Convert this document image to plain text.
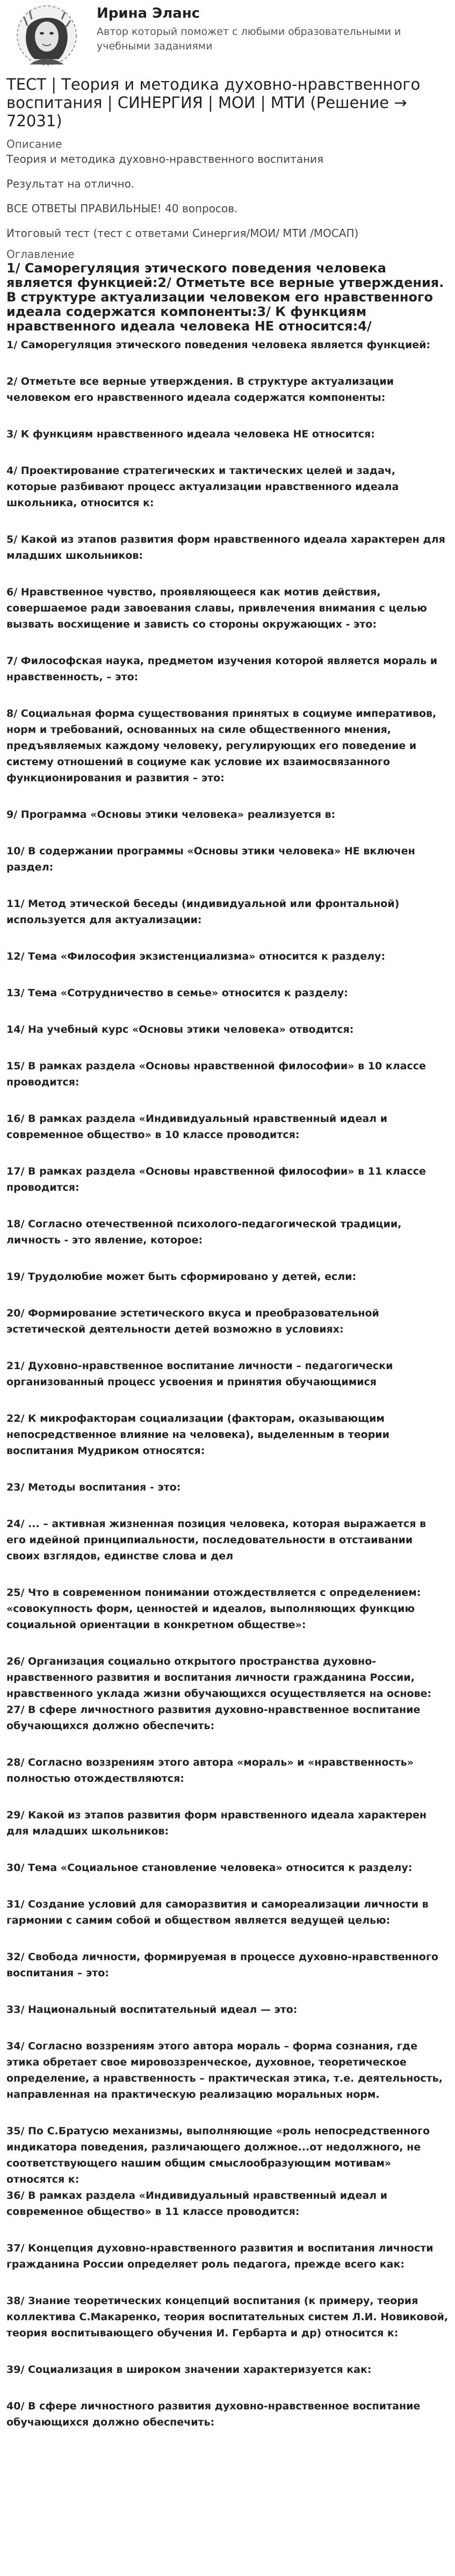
Ирина Эланс
Автор который поможет с любыми образовательными и учебными заданиями
ТЕСТ | Теория и методика духовно-нравственного воспитания | СИНЕРГИЯ | МОИ | МТИ (Решение → 72031)
Описание
Теория и методика духовно-нравственного воспитания
Результат на отлично.
ВСЕ ОТВЕТЫ ПРАВИЛЬНЫЕ! 40 вопросов.
Итоговый тест (тест с ответами Синергия/МОИ/ МТИ /МОСАП)
Оглавление
1/ Саморегуляция этического поведения человека является функцией:2/ Отметьте все верные утверждения. В структуре актуализации человеком его нравственного идеала содержатся компоненты:3/ К функциям нравственного идеала человека НЕ относится:4/
1/ Саморегуляция этического поведения человека является функцией:
2/ Отметьте все верные утверждения. В структуре актуализации человеком его нравственного идеала содержатся компоненты:
3/ К функциям нравственного идеала человека НЕ относится:
4/ Проектирование стратегических и тактических целей и задач, которые разбивают процесс актуализации нравственного идеала школьника, относится к:
5/ Какой из этапов развития форм нравственного идеала характерен для младших школьников:
6/ Нравственное чувство, проявляющееся как мотив действия, совершаемое ради завоевания славы, привлечения внимания с целью вызвать восхищение и зависть со стороны окружающих - это:
7/ Философская наука, предметом изучения которой является мораль и нравственность, – это:
8/ Социальная форма существования принятых в социуме императивов, норм и требований, основанных на силе общественного мнения, предъявляемых каждому человеку, регулирующих его поведение и систему отношений в социуме как условие их взаимосвязанного функционирования и развития – это:
9/ Программа «Основы этики человека» реализуется в:
10/ В содержании программы «Основы этики человека» НЕ включен раздел:
11/ Метод этической беседы (индивидуальной или фронтальной) используется для актуализации:
12/ Тема «Философия экзистенциализма» относится к разделу:
13/ Тема «Сотрудничество в семье» относится к разделу:
14/ На учебный курс «Основы этики человека» отводится:
15/ В рамках раздела «Основы нравственной философии» в 10 классе проводится:
16/ В рамках раздела «Индивидуальный нравственный идеал и современное общество» в 10 классе проводится:
17/ В рамках раздела «Основы нравственной философии» в 11 классе проводится:
18/ Согласно отечественной психолого-педагогической традиции, личность - это явление, которое:
19/ Трудолюбие может быть сформировано у детей, если:
20/ Формирование эстетического вкуса и преобразовательной эстетической деятельности детей возможно в условиях:
21/ Духовно-нравственное воспитание личности – педагогически организованный процесс усвоения и принятия обучающимися
22/ К микрофакторам социализации (факторам, оказывающим непосредственное влияние на человека), выделенным в теории воспитания Мудриком относятся:
23/ Методы воспитания - это:
24/ ... – активная жизненная позиция человека, которая выражается в его идейной принципиальности, последовательности в отстаивании своих взглядов, единстве слова и дел
25/ Что в современном понимании отождествляется с определением: «совокупность форм, ценностей и идеалов, выполняющих функцию социальной ориентации в конкретном обществе»:
26/ Организация социально открытого пространства духовно-нравственного развития и воспитания личности гражданина России, нравственного уклада жизни обучающихся осуществляется на основе:
27/ В сфере личностного развития духовно-нравственное воспитание обучающихся должно обеспечить:
28/ Согласно воззрениям этого автора «мораль» и «нравственность» полностью отождествляются:
29/ Какой из этапов развития форм нравственного идеала характерен для младших школьников:
30/ Тема «Социальное становление человека» относится к разделу:
31/ Создание условий для саморазвития и самореализации личности в гармонии с самим собой и обществом является ведущей целью:
32/ Свобода личности, формируемая в процессе духовно-нравственного воспитания – это:
33/ Национальный воспитательный идеал — это:
34/ Согласно воззрениям этого автора мораль – форма сознания, где этика обретает свое мировоззренческое, духовное, теоретическое определение, а нравственность – практическая этика, т.е. деятельность, направленная на практическую реализацию моральных норм.
35/ По С.Братусю механизмы, выполняющие «роль непосредственного индикатора поведения, различающего должное...от недолжного, не соответствующего нашим общим смыслообразующим мотивам» относятся к:
36/ В рамках раздела «Индивидуальный нравственный идеал и современное общество» в 11 классе проводится:
37/ Концепция духовно-нравственного развития и воспитания личности гражданина России определяет роль педагога, прежде всего как:
38/ Знание теоретических концепций воспитания (к примеру, теория коллектива С.Макаренко, теория воспитательных систем Л.И. Новиковой, теория воспитывающего обучения И. Гербарта и др) относится к:
39/ Социализация в широком значении характеризуется как:
40/ В сфере личностного развития духовно-нравственное воспитание обучающихся должно обеспечить:
